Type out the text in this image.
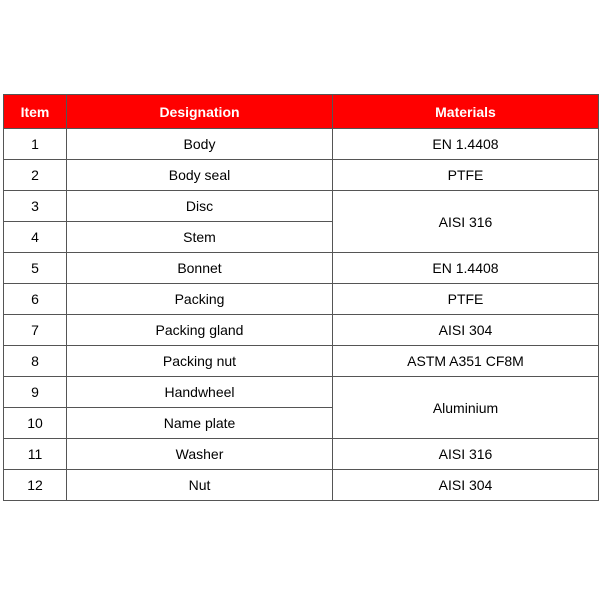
Item	Designation	Materials
1	Body	EN 1.4408
2	Body seal	PTFE
3	Disc	AISI 316
4	Stem	
5	Bonnet	EN 1.4408
6	Packing	PTFE
7	Packing gland	AISI 304
8	Packing nut	ASTM A351 CF8M
9	Handwheel	Aluminium
10	Name plate	
11	Washer	AISI 316
12	Nut	AISI 304
